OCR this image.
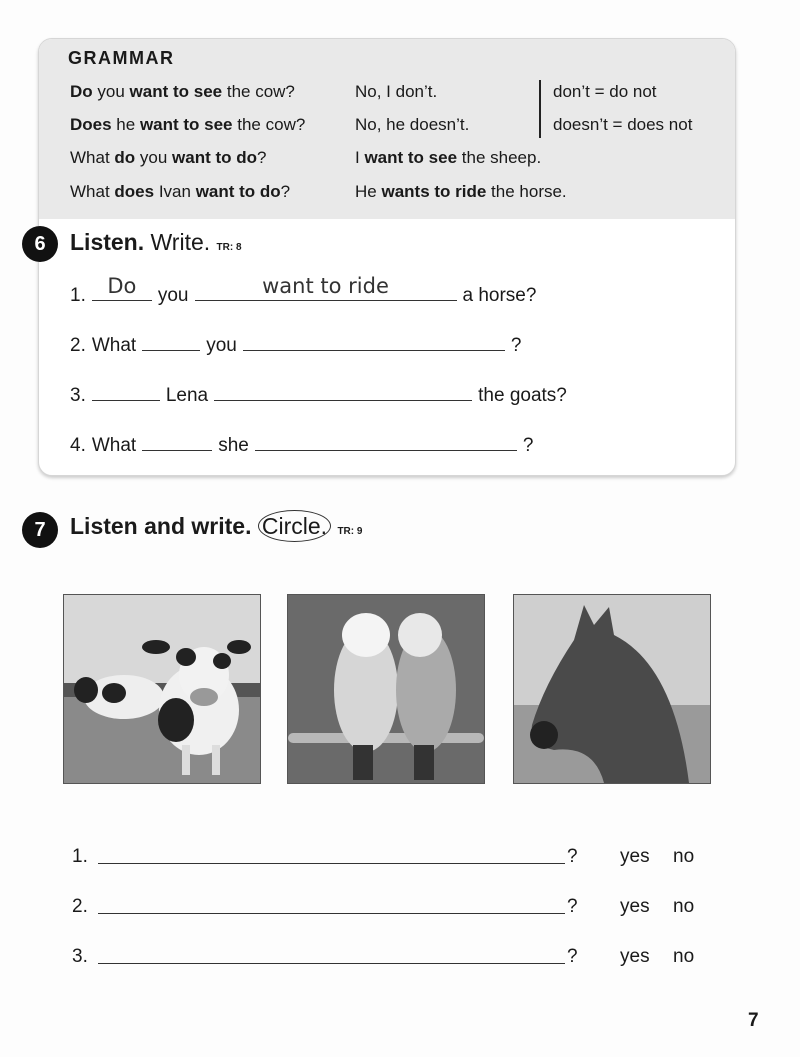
GRAMMAR
Do you want to see the cow?	No, I don’t.	don’t = do not
Does he want to see the cow?	No, he doesn’t.	doesn’t = does not
What do you want to do?	I want to see the sheep.
What does Ivan want to do?	He wants to ride the horse.
6	Listen. Write. TR: 8
1.	Do	you	want to ride	a horse?
2. What	you	?
3.	Lena	the goats?
4. What	she	?
7	Listen and write. Circle. TR: 9
1.	? yes no
2.	? yes no
3.	? yes no
7
